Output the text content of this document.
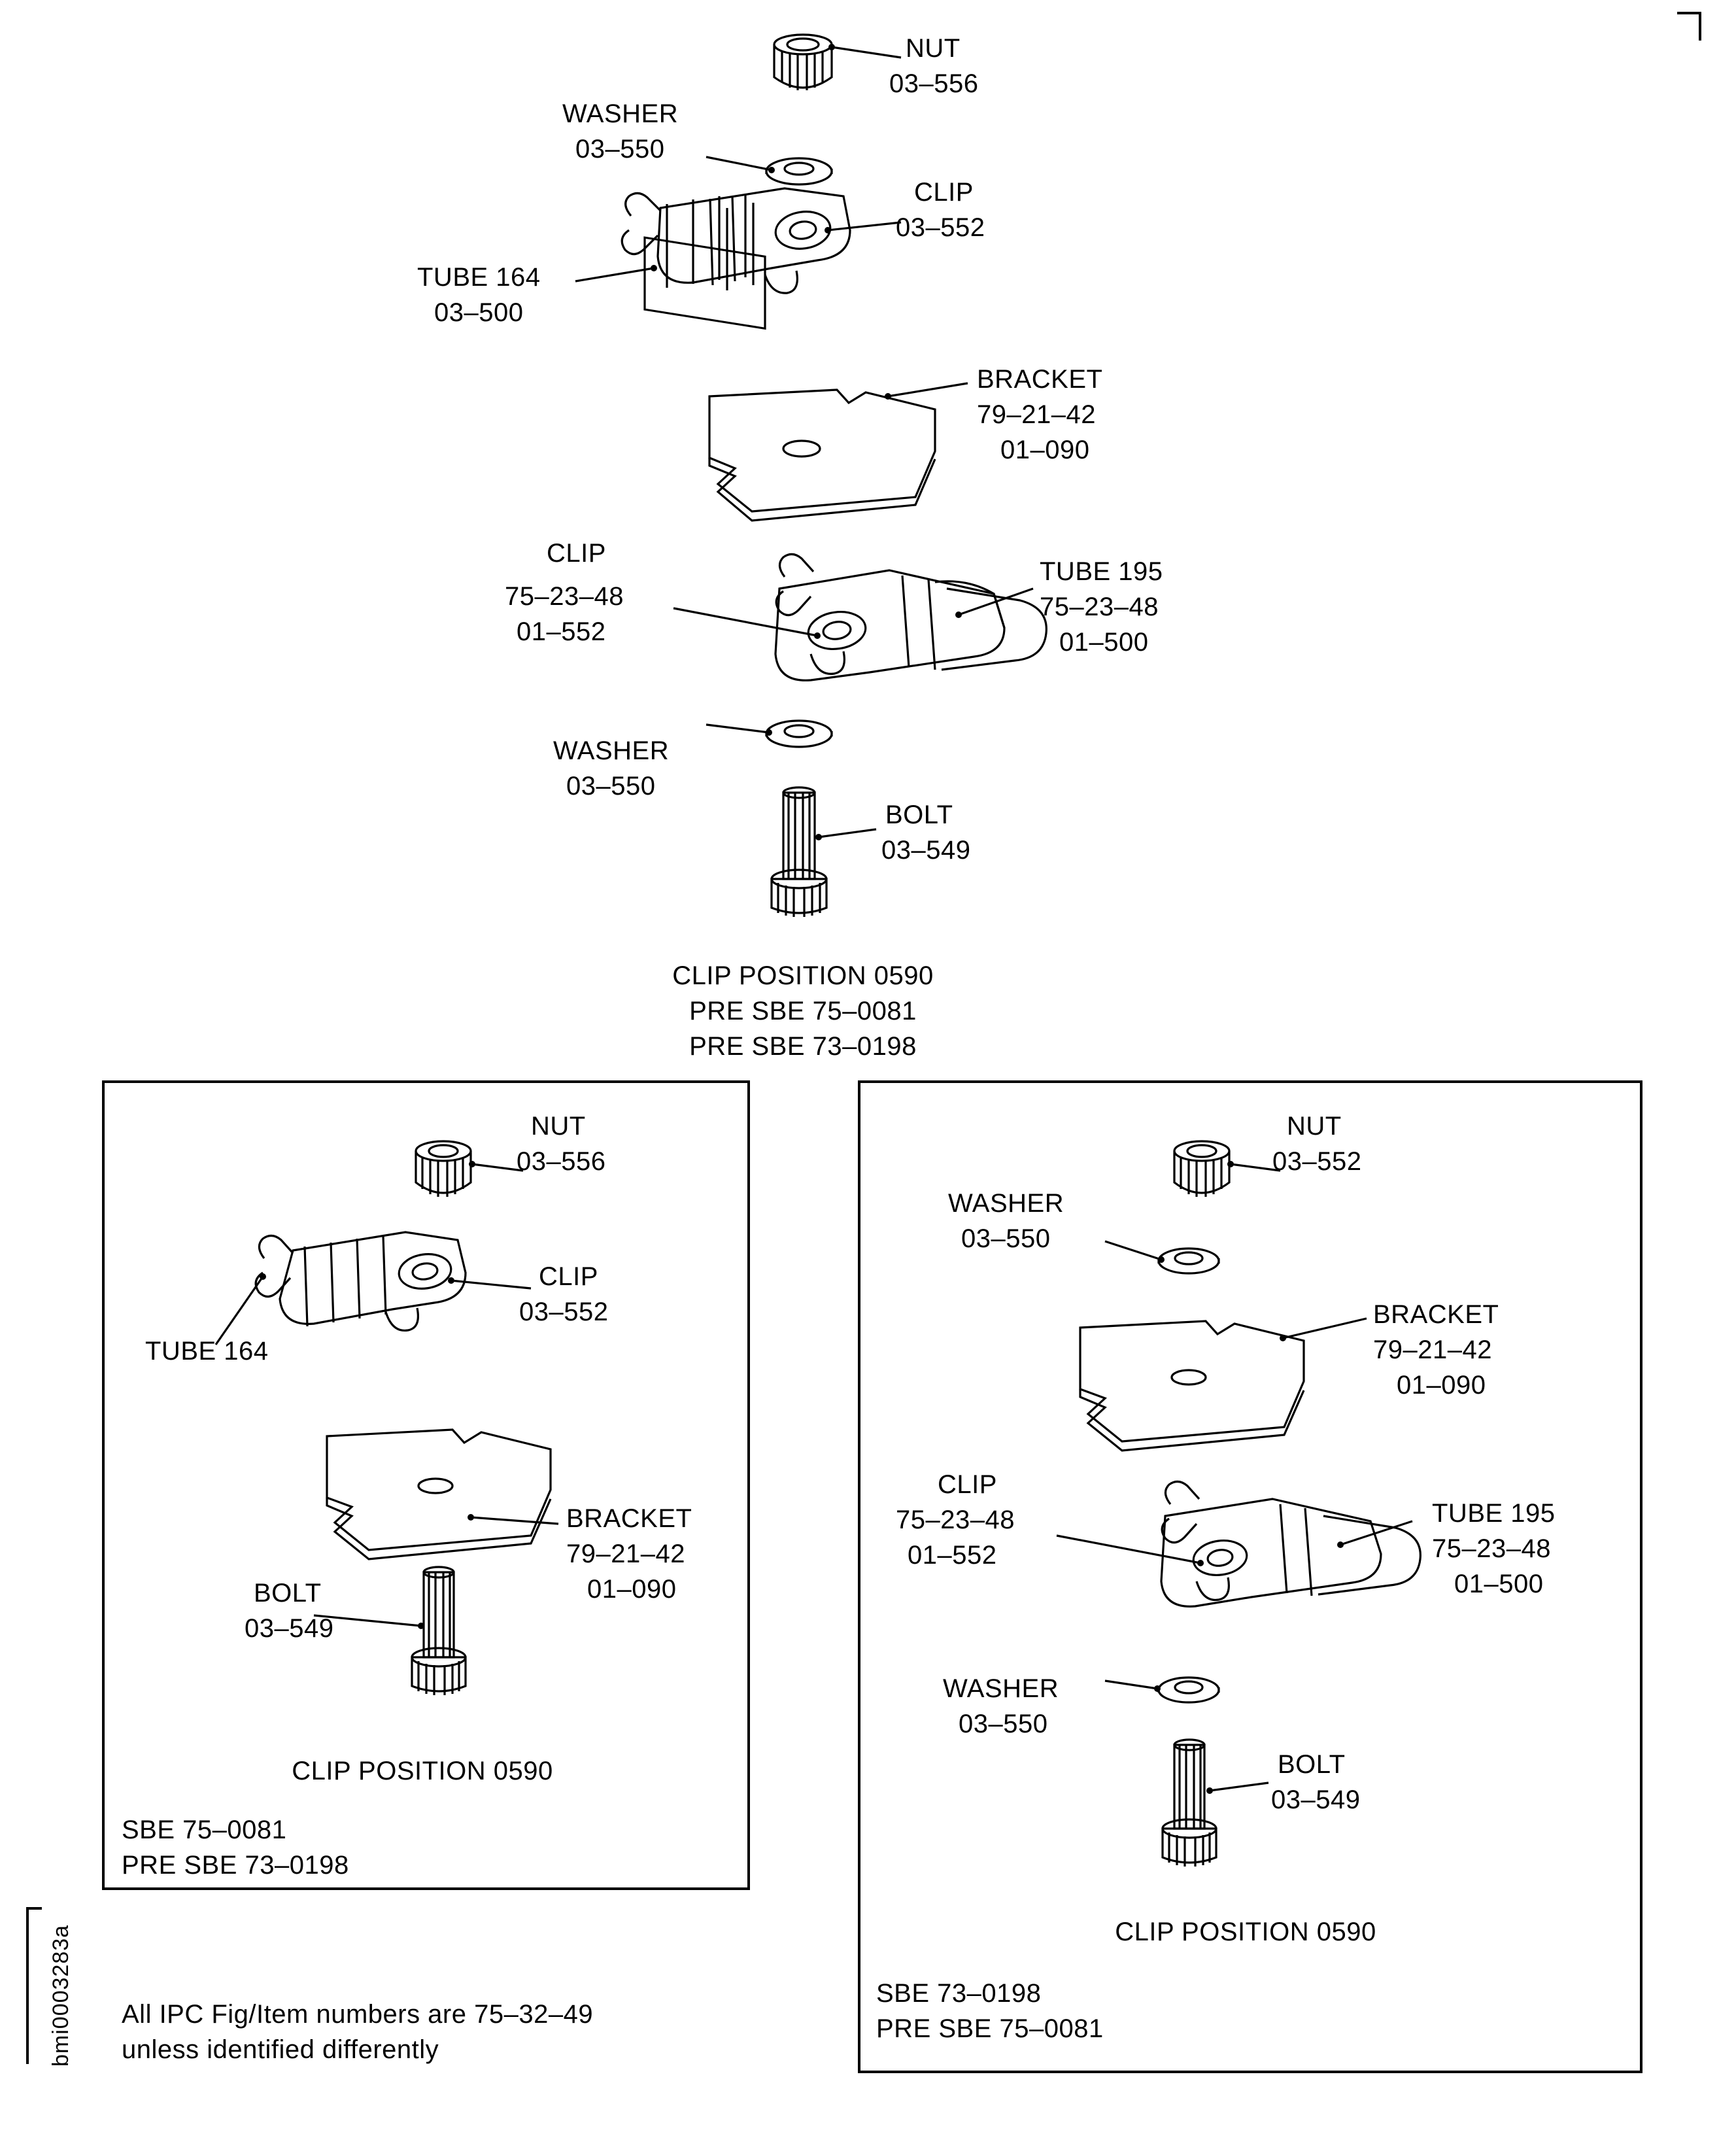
NUT
03–556
WASHER
03–550
CLIP
03–552
TUBE 164
03–500
BRACKET
79–21–42
01–090
CLIP
75–23–48
01–552
TUBE 195
75–23–48
01–500
WASHER
03–550
BOLT
03–549
CLIP POSITION 0590
PRE SBE 75–0081
PRE SBE 73–0198
NUT
03–556
CLIP
03–552
TUBE 164
BRACKET
79–21–42
01–090
BOLT
03–549
CLIP POSITION 0590
SBE 75–0081
PRE SBE 73–0198
NUT
03–552
WASHER
03–550
BRACKET
79–21–42
01–090
CLIP
75–23–48
01–552
TUBE 195
75–23–48
01–500
WASHER
03–550
BOLT
03–549
CLIP POSITION 0590
SBE 73–0198
PRE SBE 75–0081
All IPC Fig/Item numbers are 75–32–49
unless identified differently
bmi0003283a
